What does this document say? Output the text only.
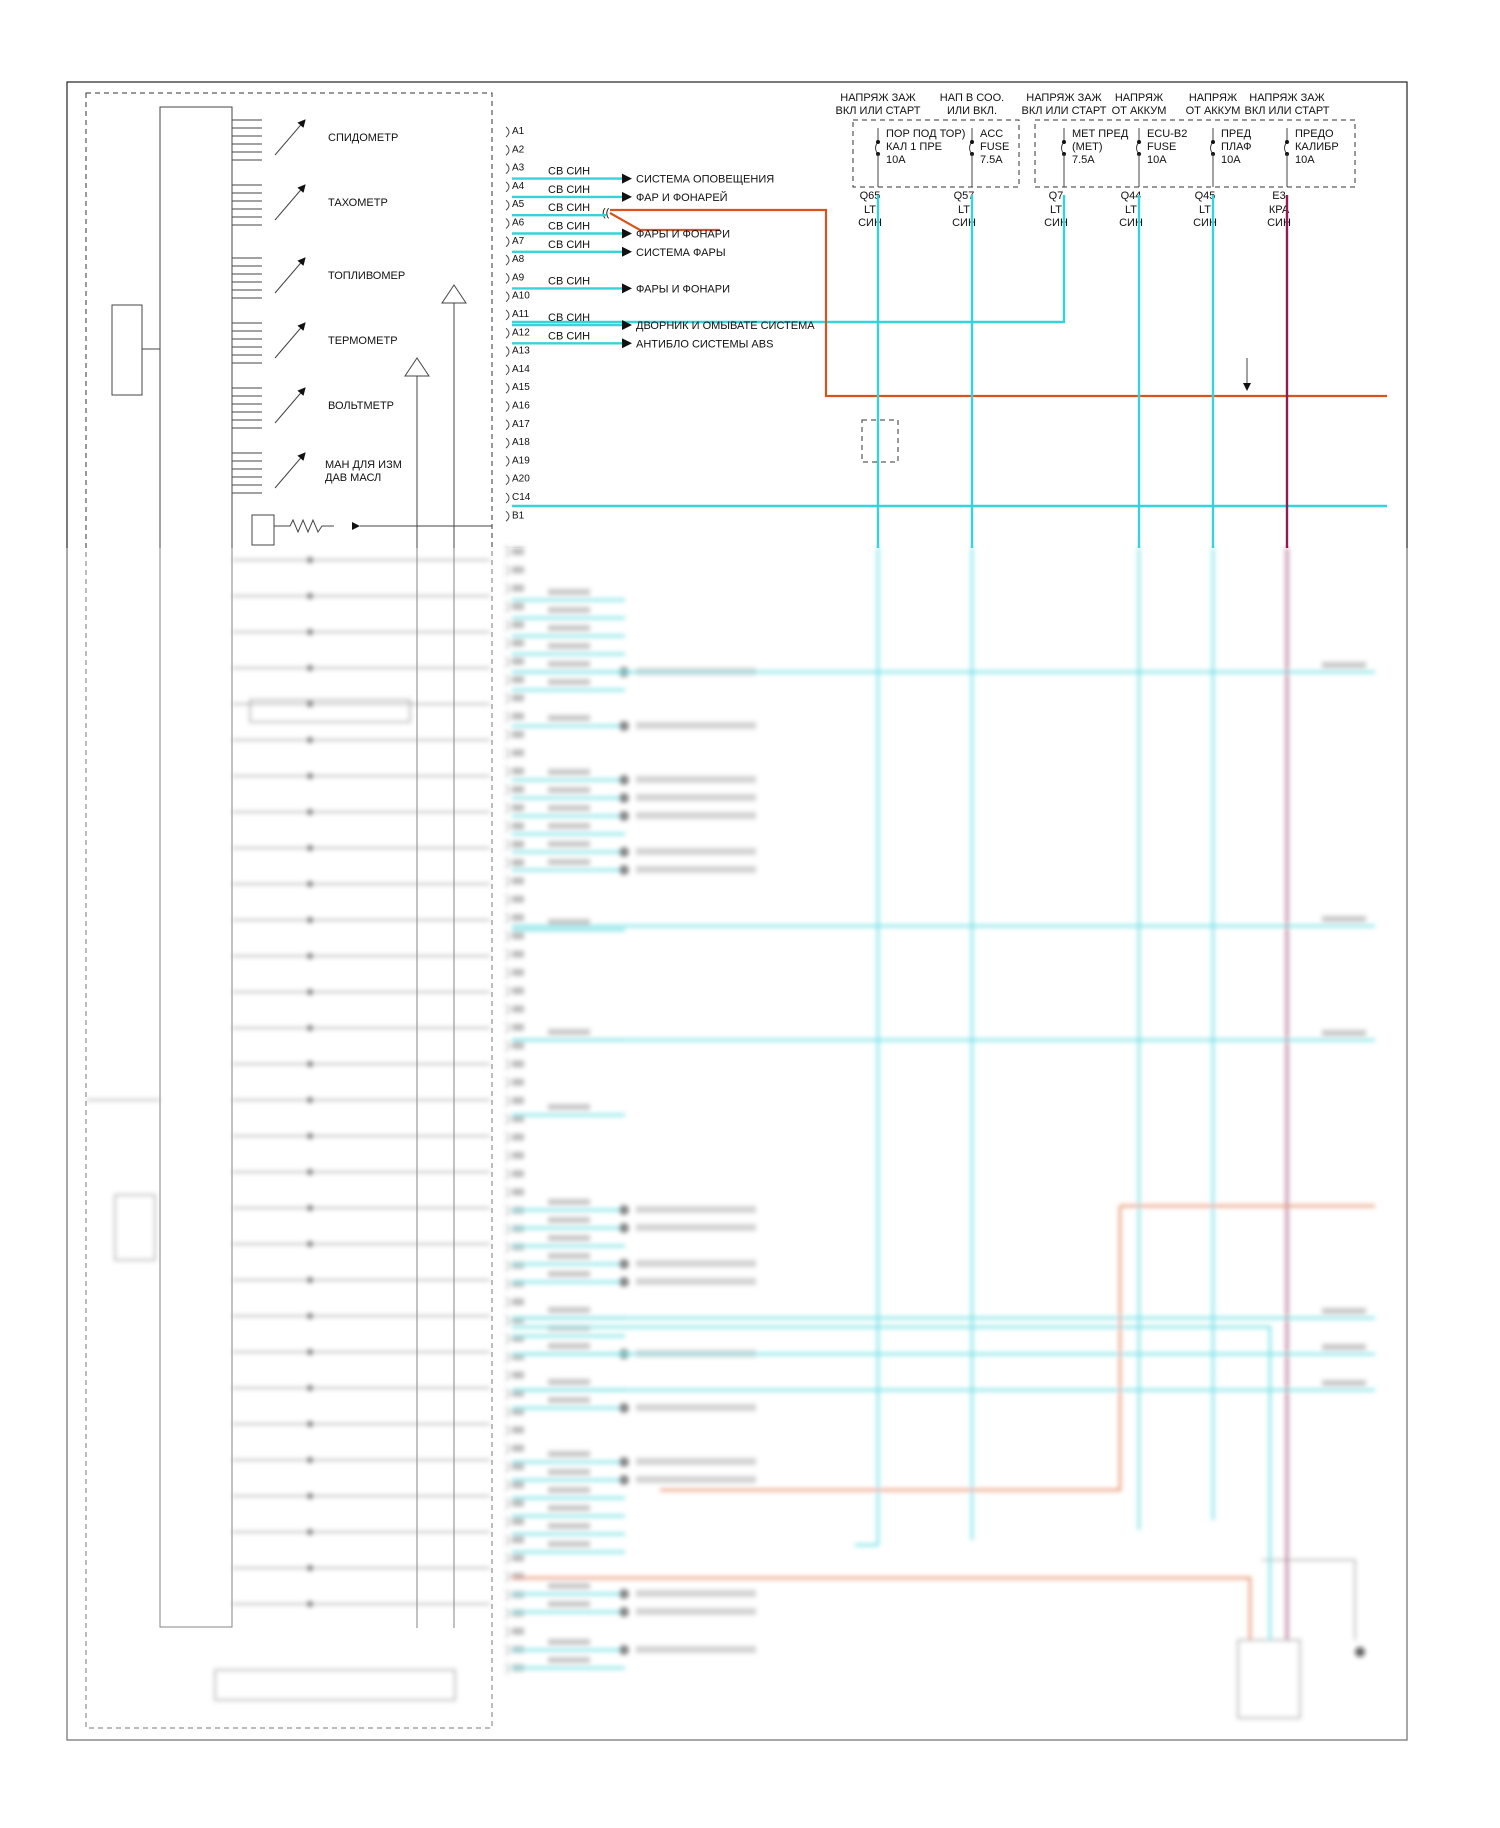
СПИДОМЕТР
ТАХОМЕТР
ТОПЛИВОМЕР
ТЕРМОМЕТР
ВОЛЬТМЕТР
МАН ДЛЯ ИЗМ
ДАВ МАСЛ
A1
A2
A3
A4
A5
A6
A7
A8
A9
A10
A11
A12
A13
A14
A15
A16
A17
A18
A19
A20
C14
B1
НАПРЯЖ ЗАЖ
ВКЛ ИЛИ СТАРТ
НАП В СОО.
ИЛИ ВКЛ.
НАПРЯЖ ЗАЖ
ВКЛ ИЛИ СТАРТ
НАПРЯЖ
ОТ АККУМ
НАПРЯЖ
ОТ АККУМ
НАПРЯЖ ЗАЖ
ВКЛ ИЛИ СТАРТ
ПОР ПОД ТОР)
КАЛ 1 ПРЕ
10A
Q65
LT
СИН
ACC
FUSE
7.5A
Q57
LT
СИН
МЕТ ПРЕД
(МЕТ)
7.5A
Q7
LT
СИН
ECU-B2
FUSE
10A
Q44
LT
СИН
ПРЕД
ПЛАФ
10A
Q45
LT
СИН
ПРЕДО
КАЛИБР
10A
E3
КРА
СИН
((
СВ СИН
СИСТЕМА ОПОВЕЩЕНИЯ
СВ СИН
ФАР И ФОНАРЕЙ
СВ СИН
ФАРЫ И ФОНАРИ
СВ СИН
СИСТЕМА ФАРЫ
СВ СИН
ФАРЫ И ФОНАРИ
СВ СИН
ДВОРНИК И ОМЫВАТЕ СИСТЕМА
СВ СИН
АНТИБЛО СИСТЕМЫ ABS
СВ СИН
